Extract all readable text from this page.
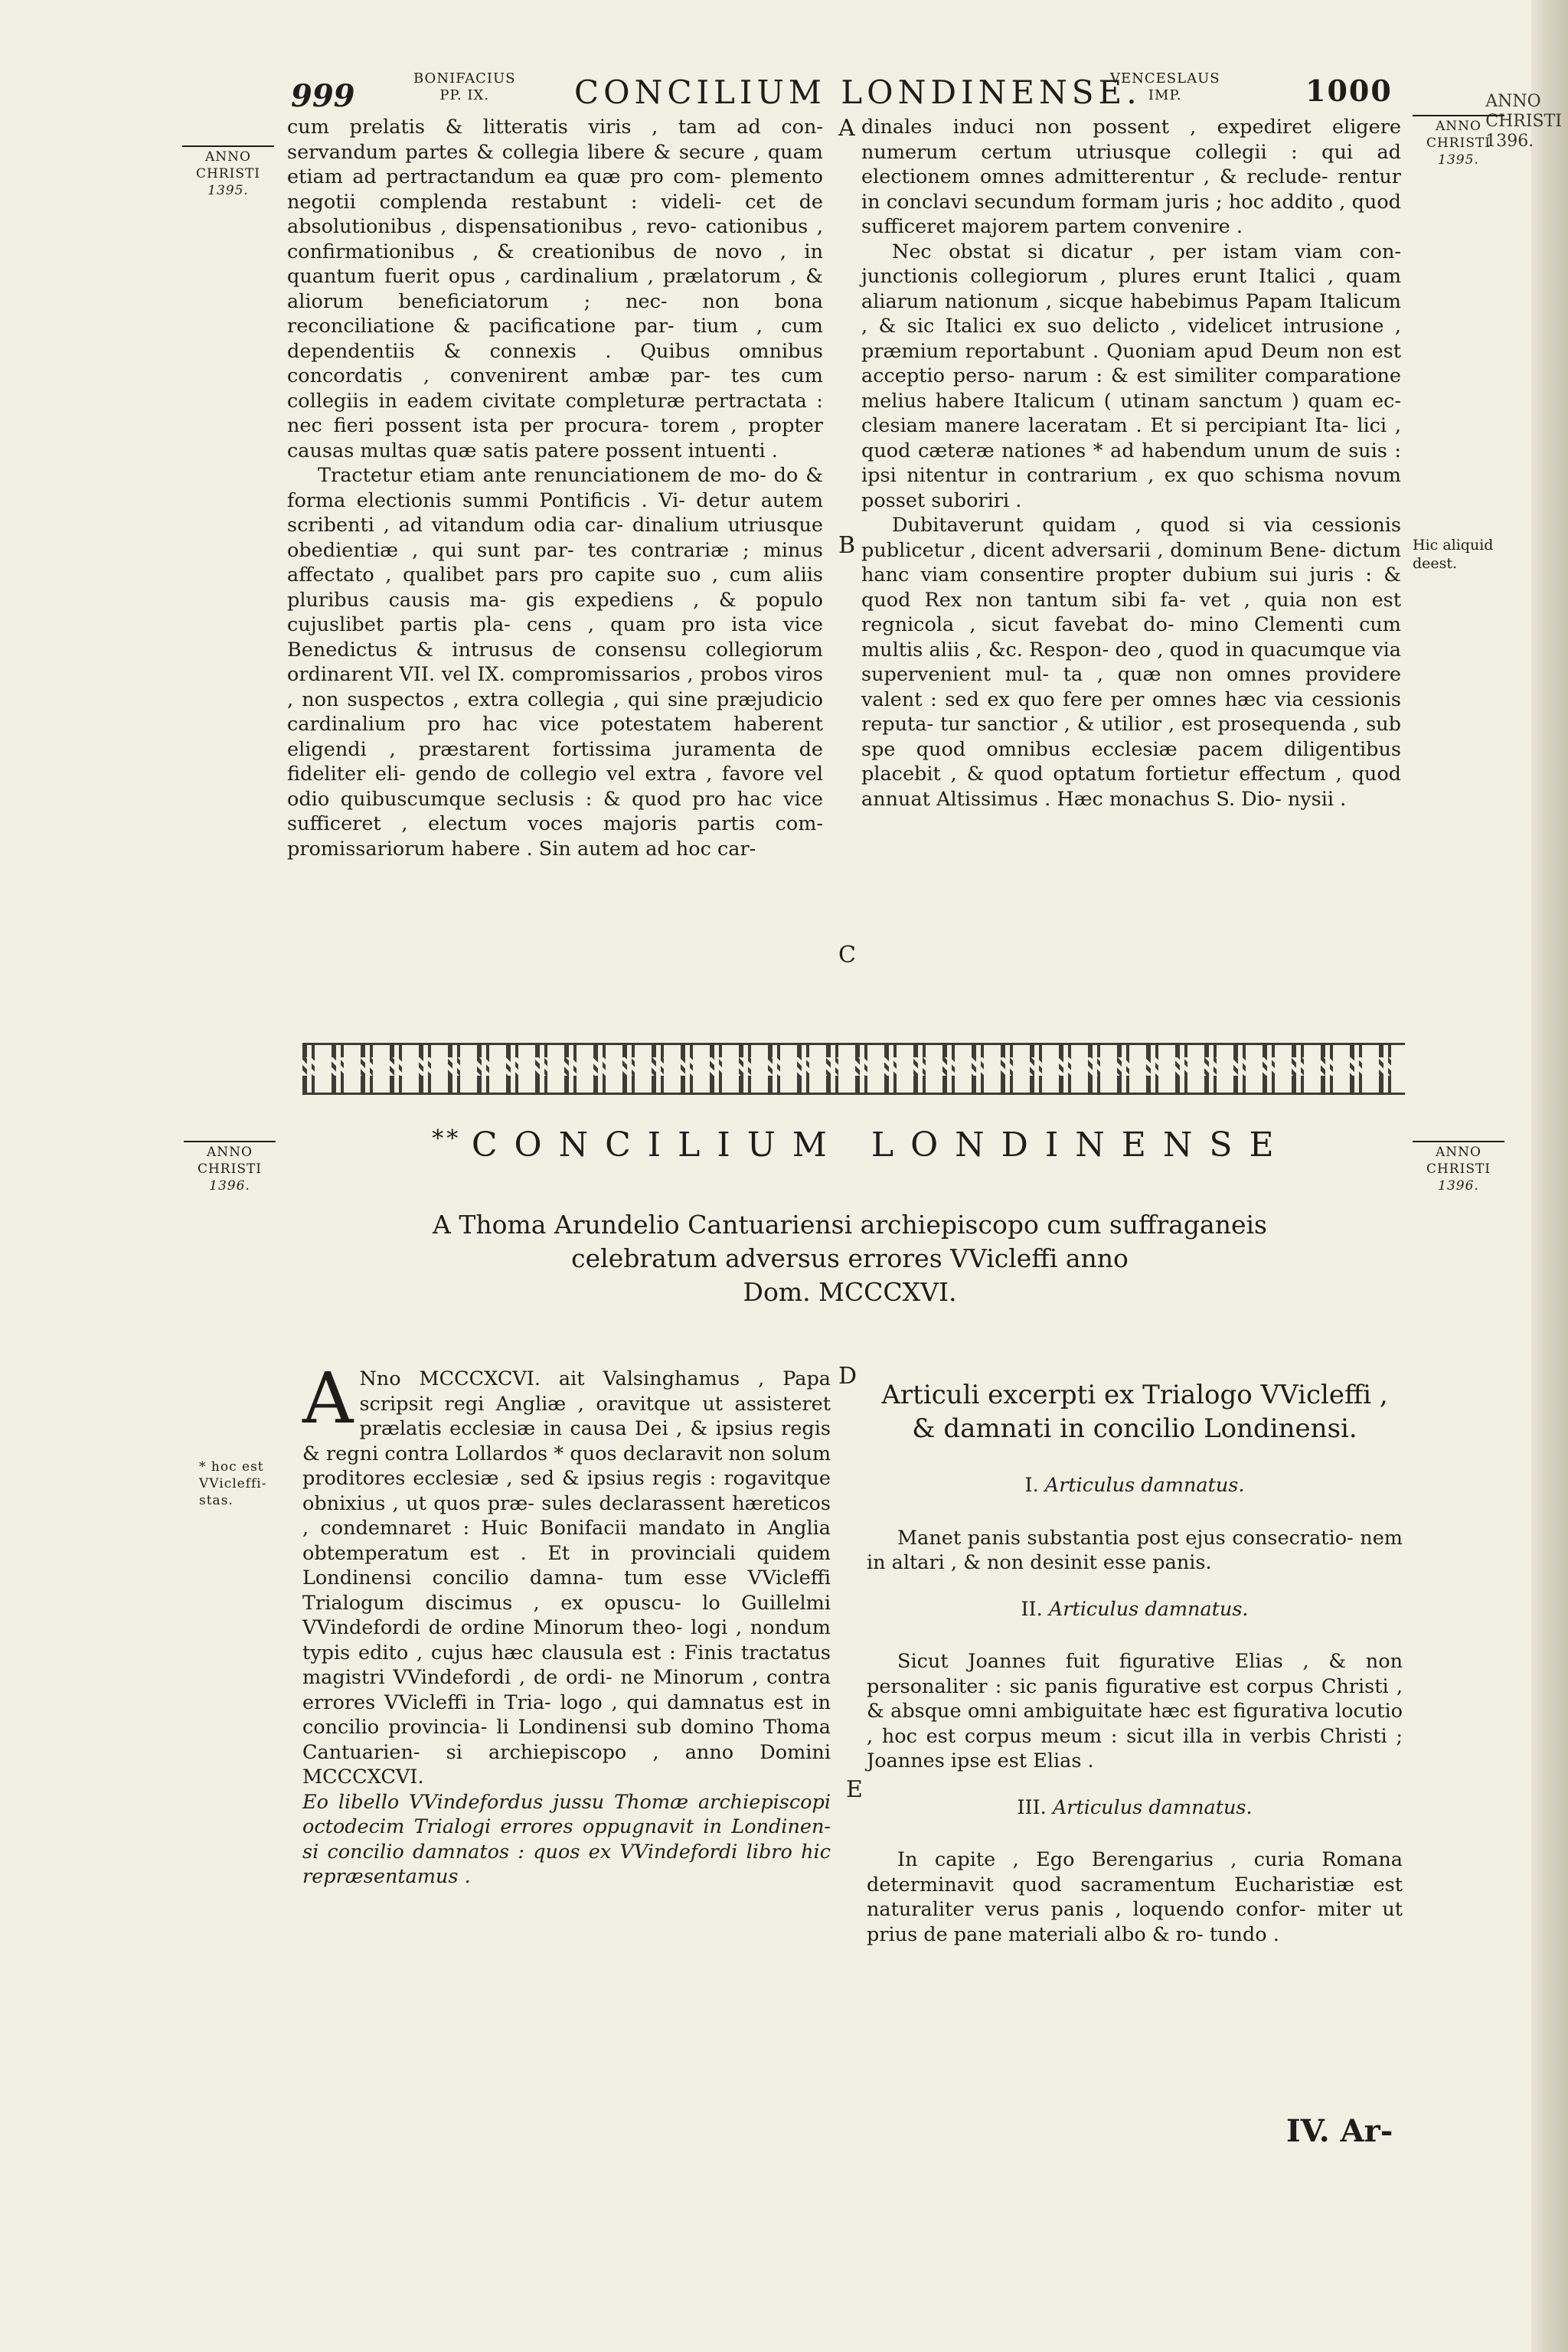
ANNO
CHRISTI
1396.
999	BONIFACIUS
PP. IX.	CONCILIUM LONDINENSE.
VENCESLAUS
IMP.	1000
ANNO
CHRISTI
1395.
ANNO
CHRISTI
1395.
Hic aliquid
deest.
A
B
C
D
E

cum prelatis & litteratis viris , tam ad con- servandum partes & collegia libere & secure , quam etiam ad pertractandum ea quæ pro com- plemento negotii complenda restabunt : videli- cet de absolutionibus , dispensationibus , revo- cationibus , confirmationibus , & creationibus de novo , in quantum fuerit opus , cardinalium , prælatorum , & aliorum beneficiatorum ; nec- non bona reconciliatione & pacificatione par- tium , cum dependentiis & connexis . Quibus omnibus concordatis , convenirent ambæ par- tes cum collegiis in eadem civitate completuræ pertractata : nec fieri possent ista per procura- torem , propter causas multas quæ satis patere possent intuenti .

Tractetur etiam ante renunciationem de mo- do & forma electionis summi Pontificis . Vi- detur autem scribenti , ad vitandum odia car- dinalium utriusque obedientiæ , qui sunt par- tes contrariæ ; minus affectato , qualibet pars pro capite suo , cum aliis pluribus causis ma- gis expediens , & populo cujuslibet partis pla- cens , quam pro ista vice Benedictus & intrusus de consensu collegiorum ordinarent VII. vel IX. compromissarios , probos viros , non suspectos , extra collegia , qui sine præjudicio cardinalium pro hac vice potestatem haberent eligendi , præstarent fortissima juramenta de fideliter eli- gendo de collegio vel extra , favore vel odio quibuscumque seclusis : & quod pro hac vice sufficeret , electum voces majoris partis com- promissariorum habere . Sin autem ad hoc car-

dinales induci non possent , expediret eligere numerum certum utriusque collegii : qui ad electionem omnes admitterentur , & reclude- rentur in conclavi secundum formam juris ; hoc addito , quod sufficeret majorem partem convenire .

Nec obstat si dicatur , per istam viam con- junctionis collegiorum , plures erunt Italici , quam aliarum nationum , sicque habebimus Papam Italicum , & sic Italici ex suo delicto , videlicet intrusione , præmium reportabunt . Quoniam apud Deum non est acceptio perso- narum : & est similiter comparatione melius habere Italicum ( utinam sanctum ) quam ec- clesiam manere laceratam . Et si percipiant Ita- lici , quod cæteræ nationes * ad habendum unum de suis : ipsi nitentur in contrarium , ex quo schisma novum posset suboriri .

Dubitaverunt quidam , quod si via cessionis publicetur , dicent adversarii , dominum Bene- dictum hanc viam consentire propter dubium sui juris : & quod Rex non tantum sibi fa- vet , quia non est regnicola , sicut favebat do- mino Clementi cum multis aliis , &c. Respon- deo , quod in quacumque via supervenient mul- ta , quæ non omnes providere valent : sed ex quo fere per omnes hæc via cessionis reputa- tur sanctior , & utilior , est prosequenda , sub spe quod omnibus ecclesiæ pacem diligentibus placebit , & quod optatum fortietur effectum , quod annuat Altissimus . Hæc monachus S. Dio- nysii .

ANNO
CHRISTI
1396.
ANNO
CHRISTI
1396.
** CONCILIUM LONDINENSE
A Thoma Arundelio Cantuariensi archiepiscopo cum suffraganeis
celebratum adversus errores VVicleffi anno
Dom. MCCCXVI.
* hoc est
VVicleffi-
stas.

A Nno MCCCXCVI. ait Valsinghamus , Papa scripsit regi Angliæ , oravitque ut assisteret prælatis ecclesiæ in causa Dei , & ipsius regis & regni contra Lollardos * quos declaravit non solum proditores ecclesiæ , sed & ipsius regis : rogavitque obnixius , ut quos præ- sules declarassent hæreticos , condemnaret : Huic Bonifacii mandato in Anglia obtemperatum est . Et in provinciali quidem Londinensi concilio damna- tum esse VVicleffi Trialogum discimus , ex opuscu- lo Guillelmi VVindefordi de ordine Minorum theo- logi , nondum typis edito , cujus hæc clausula est : Finis tractatus magistri VVindefordi , de ordi- ne Minorum , contra errores VVicleffi in Tria- logo , qui damnatus est in concilio provincia- li Londinensi sub domino Thoma Cantuarien- si archiepiscopo , anno Domini MCCCXCVI.

Eo libello VVindefordus jussu Thomæ archiepiscopi octodecim Trialogi errores oppugnavit in Londinen- si concilio damnatos : quos ex VVindefordi libro hic repræsentamus .

Articuli excerpti ex Trialogo VVicleffi , & damnati in concilio Londinensi.
I. Articulus damnatus.

Manet panis substantia post ejus consecratio- nem in altari , & non desinit esse panis.

II. Articulus damnatus.

Sicut Joannes fuit figurative Elias , & non personaliter : sic panis figurative est corpus Christi , & absque omni ambiguitate hæc est figurativa locutio , hoc est corpus meum : sicut illa in verbis Christi ; Joannes ipse est Elias .

III. Articulus damnatus.

In capite , Ego Berengarius , curia Romana determinavit quod sacramentum Eucharistiæ est naturaliter verus panis , loquendo confor- miter ut prius de pane materiali albo & ro- tundo .

IV. Ar-
